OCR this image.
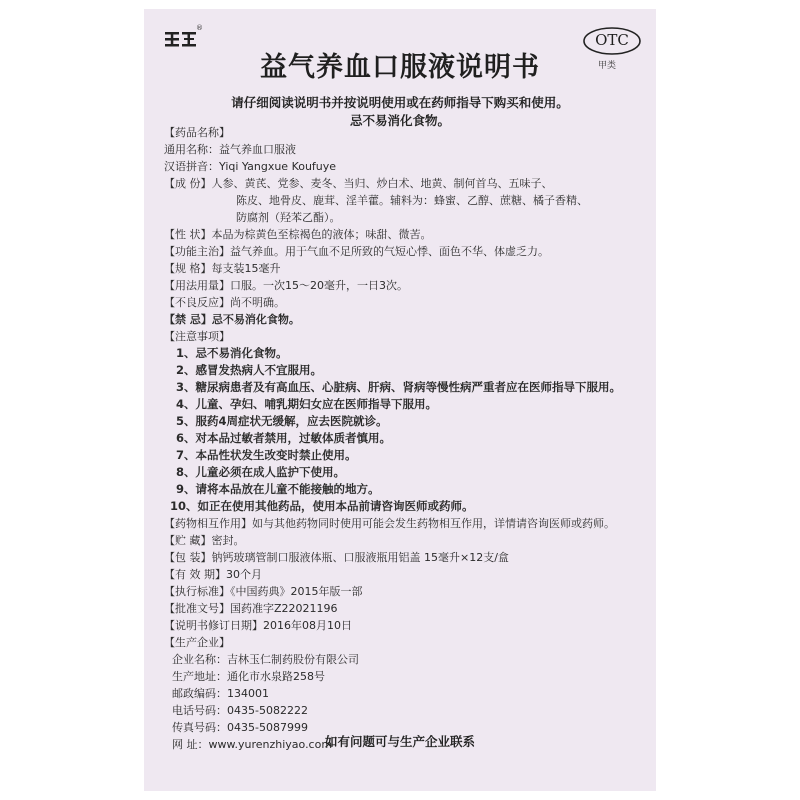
®
OTC
甲类
益气养血口服液说明书
请仔细阅读说明书并按说明使用或在药师指导下购买和使用。
忌不易消化食物。
【药品名称】
通用名称：益气养血口服液
汉语拼音：Yiqi Yangxue Koufuye
【成 份】人参、黄芪、党参、麦冬、当归、炒白术、地黄、制何首乌、五味子、
陈皮、地骨皮、鹿茸、淫羊藿。辅料为：蜂蜜、乙醇、蔗糖、橘子香精、
防腐剂（羟苯乙酯）。
【性 状】本品为棕黄色至棕褐色的液体；味甜、微苦。
【功能主治】益气养血。用于气血不足所致的气短心悸、面色不华、体虚乏力。
【规 格】每支装15毫升
【用法用量】口服。一次15～20毫升，一日3次。
【不良反应】尚不明确。
【禁 忌】忌不易消化食物。
【注意事项】
1、忌不易消化食物。
2、感冒发热病人不宜服用。
3、糖尿病患者及有高血压、心脏病、肝病、肾病等慢性病严重者应在医师指导下服用。
4、儿童、孕妇、哺乳期妇女应在医师指导下服用。
5、服药4周症状无缓解，应去医院就诊。
6、对本品过敏者禁用，过敏体质者慎用。
7、本品性状发生改变时禁止使用。
8、儿童必须在成人监护下使用。
9、请将本品放在儿童不能接触的地方。
10、如正在使用其他药品，使用本品前请咨询医师或药师。
【药物相互作用】如与其他药物同时使用可能会发生药物相互作用，详情请咨询医师或药师。
【贮 藏】密封。
【包 装】钠钙玻璃管制口服液体瓶、口服液瓶用铝盖 15毫升×12支/盒
【有 效 期】30个月
【执行标准】《中国药典》2015年版一部
【批准文号】国药准字Z22021196
【说明书修订日期】2016年08月10日
【生产企业】
企业名称：吉林玉仁制药股份有限公司
生产地址：通化市水泉路258号
邮政编码：134001
电话号码：0435-5082222
传真号码：0435-5087999
网 址：www.yurenzhiyao.com
如有问题可与生产企业联系
